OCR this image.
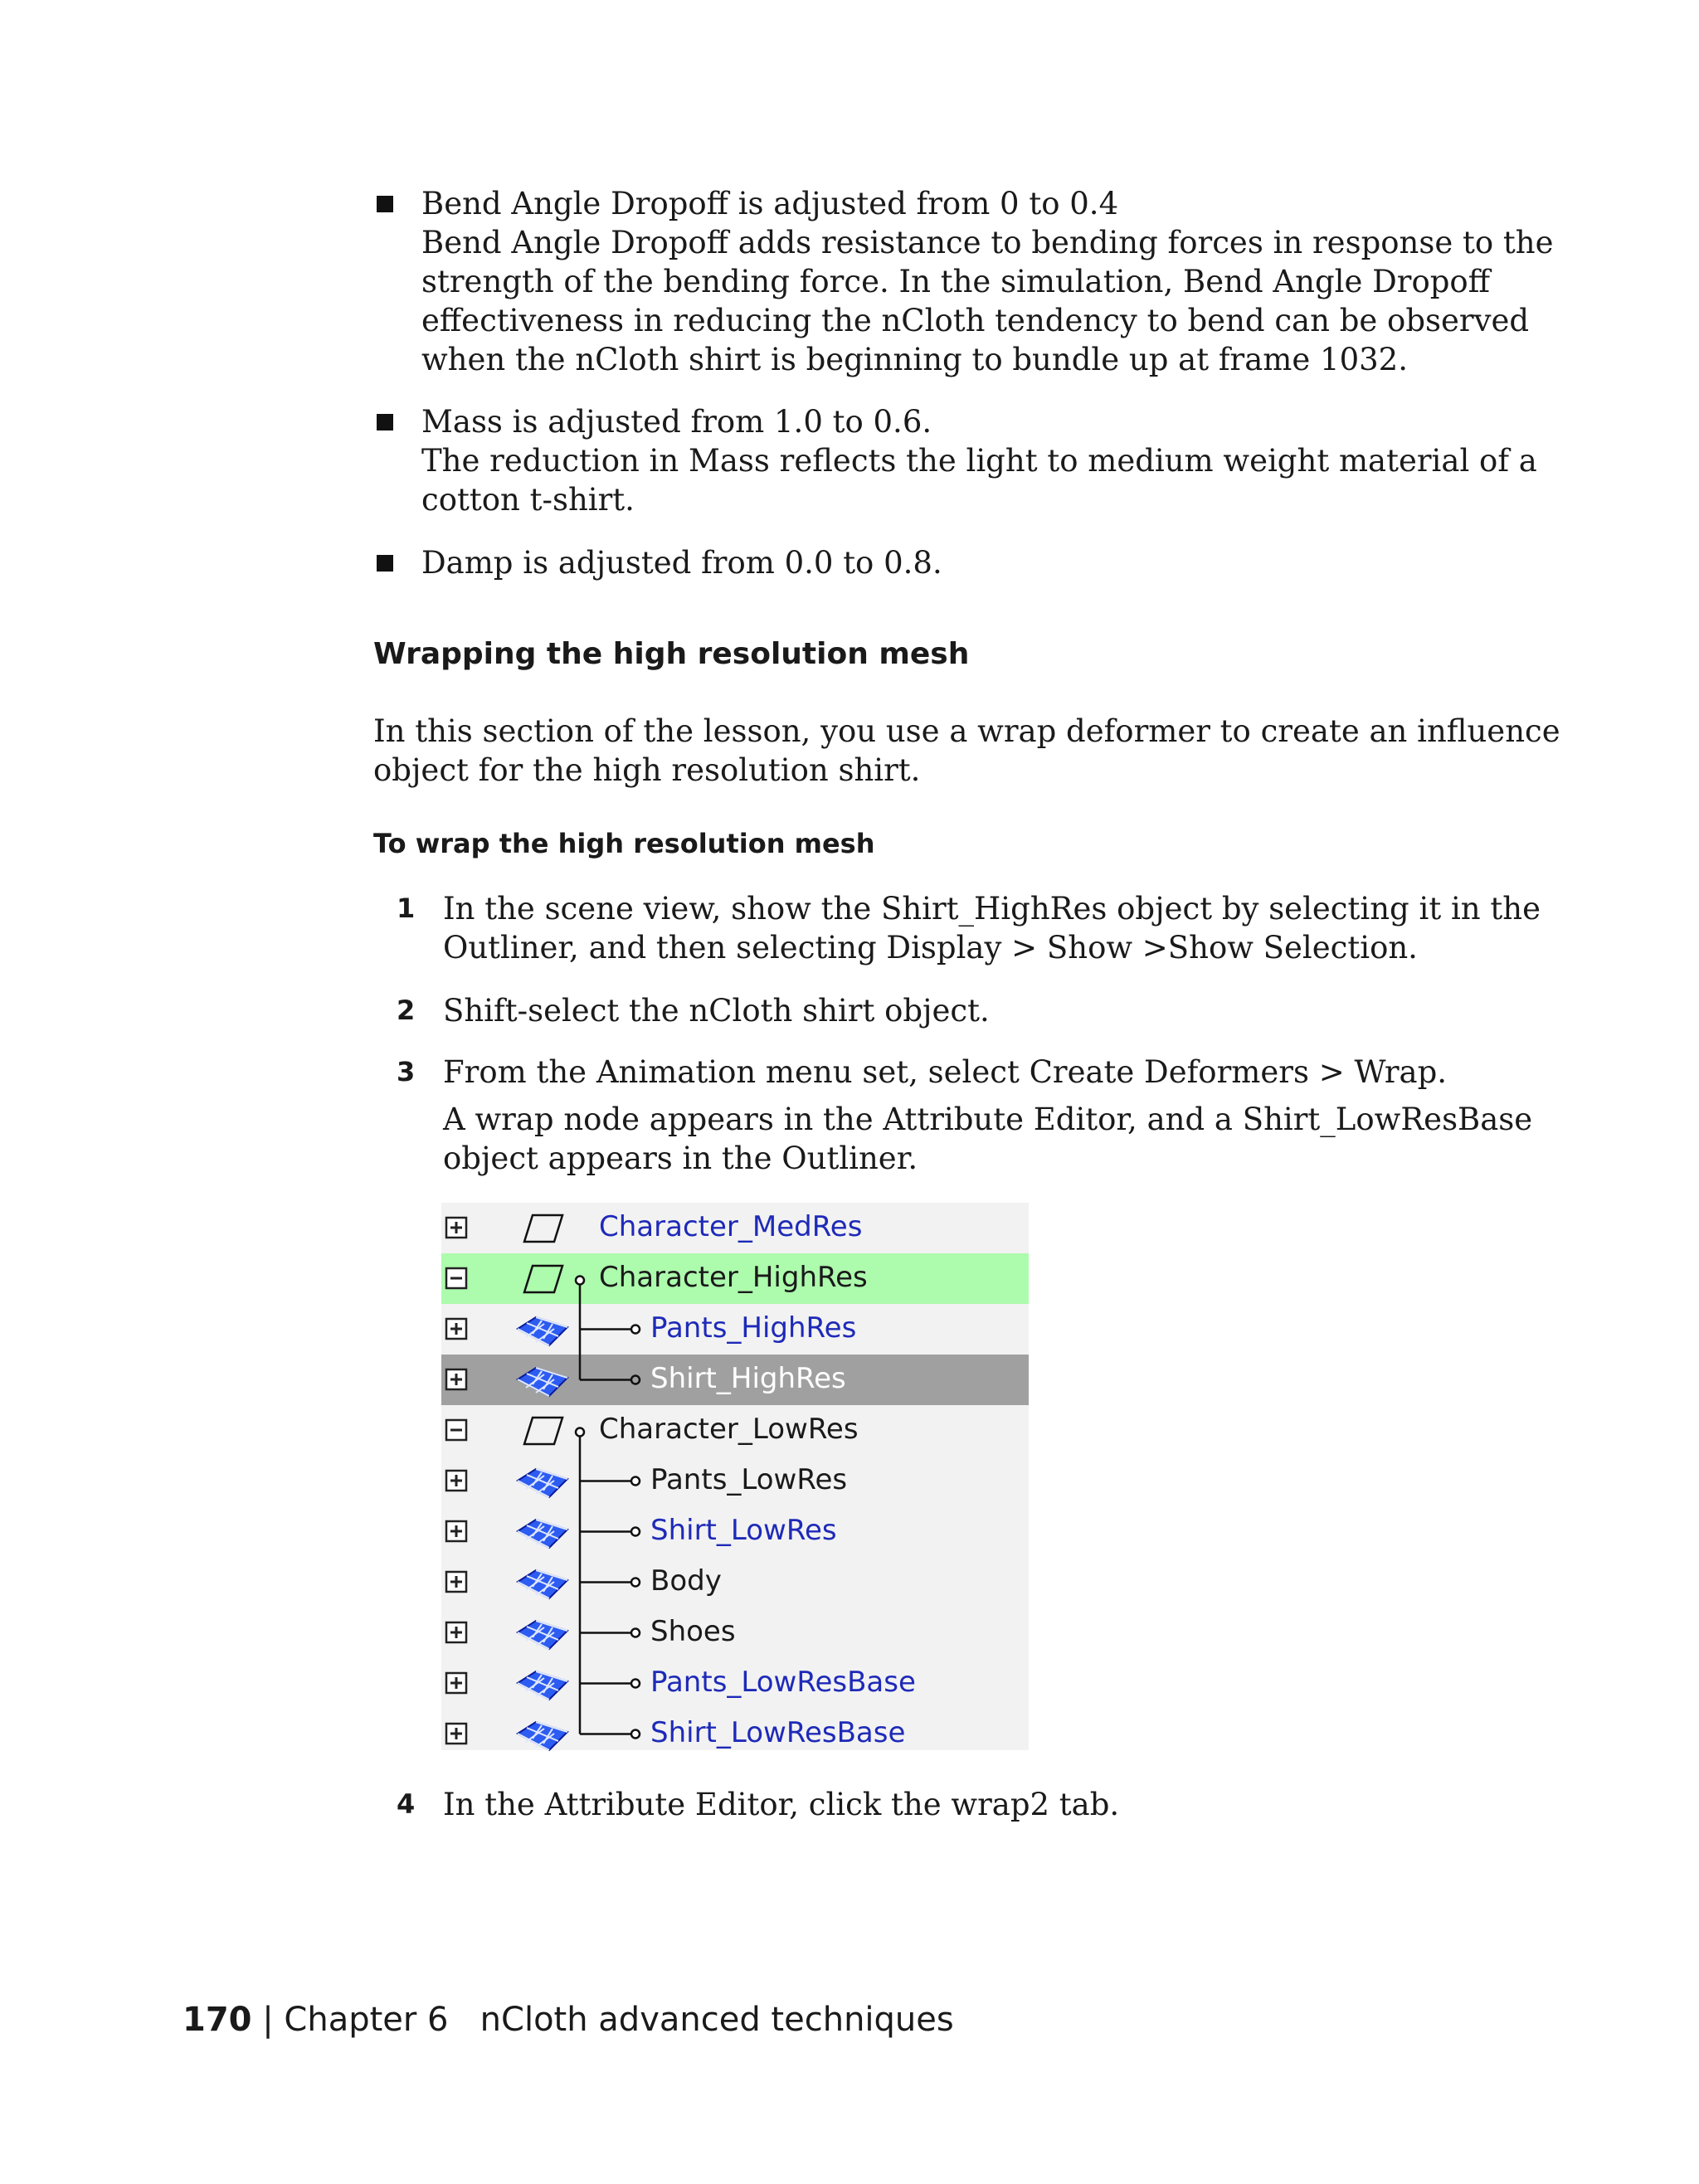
Bend Angle Dropoff is adjusted from 0 to 0.4
Bend Angle Dropoff adds resistance to bending forces in response to the
strength of the bending force. In the simulation, Bend Angle Dropoff
effectiveness in reducing the nCloth tendency to bend can be observed
when the nCloth shirt is beginning to bundle up at frame 1032.
Mass is adjusted from 1.0 to 0.6.
The reduction in Mass reflects the light to medium weight material of a
cotton t-shirt.
Damp is adjusted from 0.0 to 0.8.
Wrapping the high resolution mesh
In this section of the lesson, you use a wrap deformer to create an influence
object for the high resolution shirt.
To wrap the high resolution mesh
1 In the scene view, show the Shirt_HighRes object by selecting it in the
Outliner, and then selecting Display > Show >Show Selection.
2 Shift-select the nCloth shirt object.
3 From the Animation menu set, select Create Deformers > Wrap.
A wrap node appears in the Attribute Editor, and a Shirt_LowResBase
object appears in the Outliner.
4 In the Attribute Editor, click the wrap2 tab.
Character_MedRes
Character_HighRes
Pants_HighRes
Shirt_HighRes
Character_LowRes
Pants_LowRes
Shirt_LowRes
Body
Shoes
Pants_LowResBase
Shirt_LowResBase
170 | Chapter 6 nCloth advanced techniques
